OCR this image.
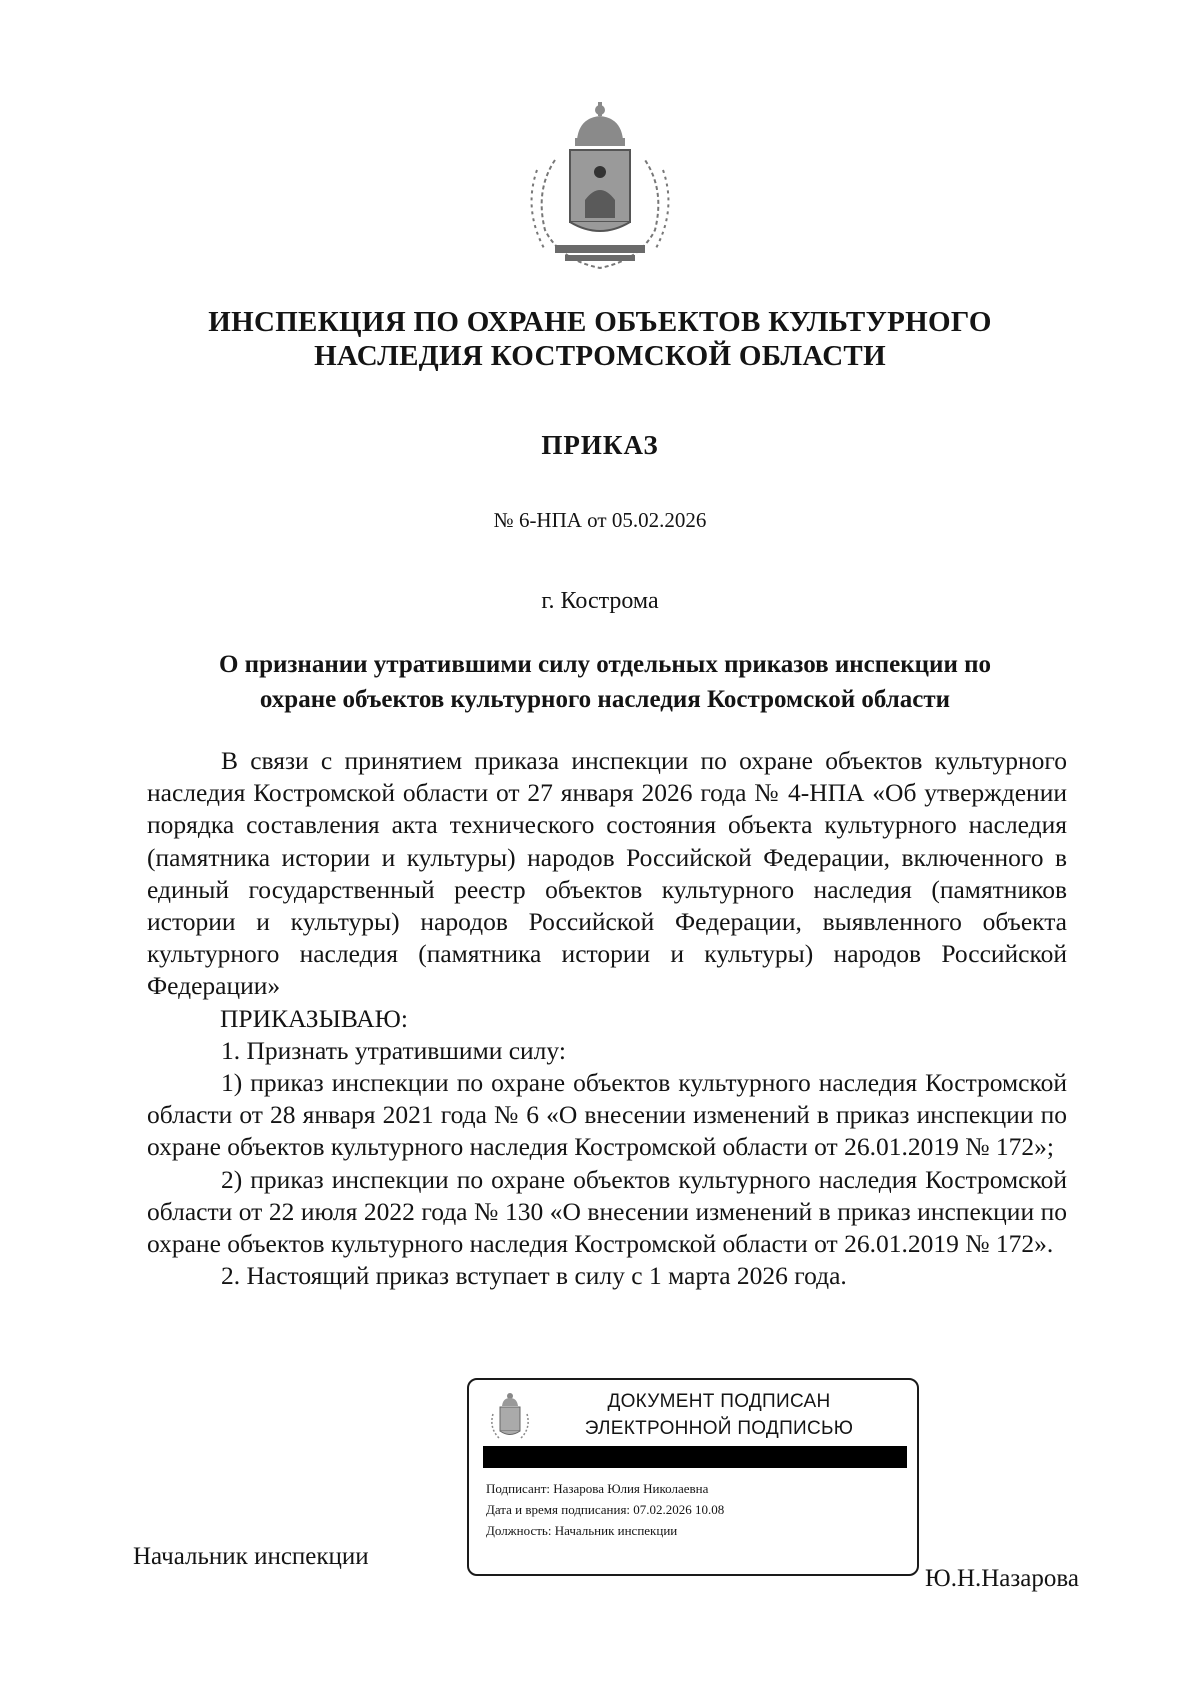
ИНСПЕКЦИЯ ПО ОХРАНЕ ОБЪЕКТОВ КУЛЬТУРНОГО
НАСЛЕДИЯ КОСТРОМСКОЙ ОБЛАСТИ
ПРИКАЗ
№ 6-НПА от 05.02.2026
г. Кострома
О признании утратившими силу отдельных приказов инспекции по
охране объектов культурного наследия Костромской области

В связи с принятием приказа инспекции по охране объектов культурного наследия Костромской области от 27 января 2026 года № 4-НПА «Об утверждении порядка составления акта технического состояния объекта культурного наследия (памятника истории и культуры) народов Российской Федерации, включенного в единый государственный реестр объектов культурного наследия (памятников истории и культуры) народов Российской Федерации, выявленного объекта культурного наследия (памятника истории и культуры) народов Российской Федерации»

ПРИКАЗЫВАЮ:

1. Признать утратившими силу:

1) приказ инспекции по охране объектов культурного наследия Костромской области от 28 января 2021 года № 6 «О внесении изменений в приказ инспекции по охране объектов культурного наследия Костромской области от 26.01.2019 № 172»;

2) приказ инспекции по охране объектов культурного наследия Костромской области от 22 июля 2022 года № 130 «О внесении изменений в приказ инспекции по охране объектов культурного наследия Костромской области от 26.01.2019 № 172».

2. Настоящий приказ вступает в силу с 1 марта 2026 года.

ДОКУМЕНТ ПОДПИСАН
ЭЛЕКТРОННОЙ ПОДПИСЬЮ
Подписант: Назарова Юлия Николаевна
Дата и время подписания: 07.02.2026 10.08
Должность: Начальник инспекции
Начальник инспекции
Ю.Н.Назарова
